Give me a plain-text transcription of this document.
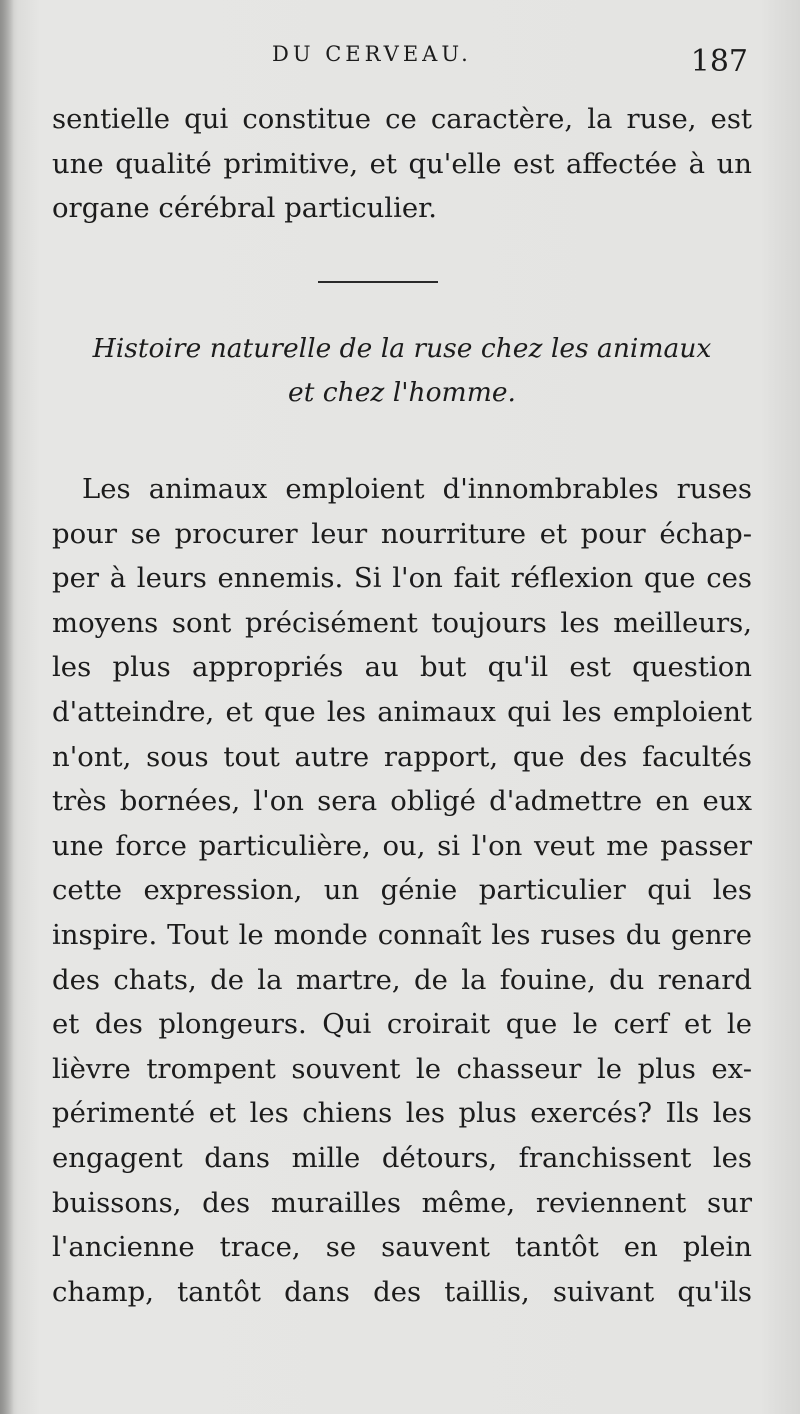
DU CERVEAU.	187
sentielle qui constitue ce caractère, la ruse, est
une qualité primitive, et qu'elle est affectée à un
organe cérébral particulier.
Histoire naturelle de la ruse chez les animaux
et chez l'homme.
Les animaux emploient d'innombrables ruses
pour se procurer leur nourriture et pour échap-
per à leurs ennemis. Si l'on fait réflexion que ces
moyens sont précisément toujours les meilleurs,
les plus appropriés au but qu'il est question
d'atteindre, et que les animaux qui les emploient
n'ont, sous tout autre rapport, que des facultés
très bornées, l'on sera obligé d'admettre en eux
une force particulière, ou, si l'on veut me passer
cette expression, un génie particulier qui les
inspire. Tout le monde connaît les ruses du genre
des chats, de la martre, de la fouine, du renard
et des plongeurs. Qui croirait que le cerf et le
lièvre trompent souvent le chasseur le plus ex-
périmenté et les chiens les plus exercés? Ils les
engagent dans mille détours, franchissent les
buissons, des murailles même, reviennent sur
l'ancienne trace, se sauvent tantôt en plein
champ, tantôt dans des taillis, suivant qu'ils
